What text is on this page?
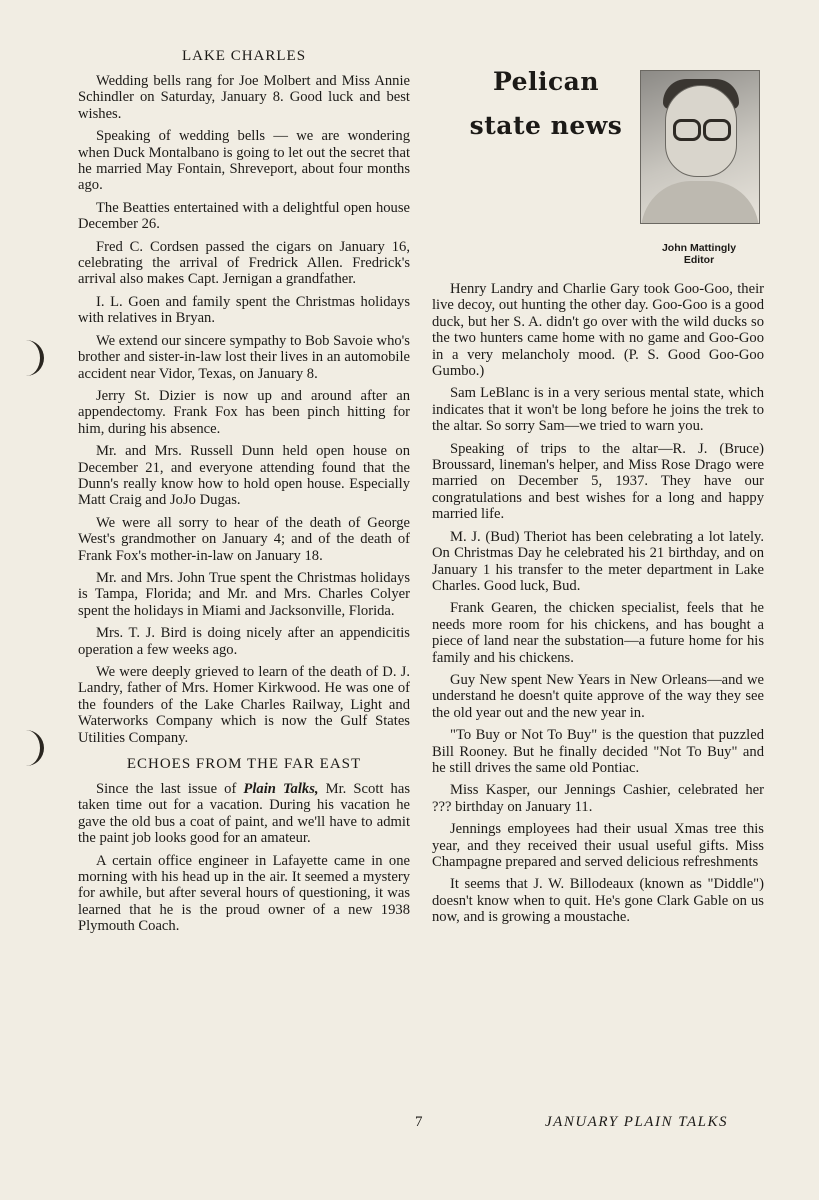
LAKE CHARLES

Wedding bells rang for Joe Molbert and Miss Annie Schindler on Saturday, January 8. Good luck and best wishes.

Speaking of wedding bells — we are wondering when Duck Montalbano is going to let out the secret that he married May Fontain, Shreveport, about four months ago.

The Beatties entertained with a delightful open house December 26.

Fred C. Cordsen passed the cigars on January 16, celebrating the arrival of Fredrick Allen. Fredrick's arrival also makes Capt. Jernigan a grandfather.

I. L. Goen and family spent the Christmas holidays with relatives in Bryan.

We extend our sincere sympathy to Bob Savoie who's brother and sister-in-law lost their lives in an automobile accident near Vidor, Texas, on January 8.

Jerry St. Dizier is now up and around after an appendectomy. Frank Fox has been pinch hitting for him, during his absence.

Mr. and Mrs. Russell Dunn held open house on December 21, and everyone attending found that the Dunn's really know how to hold open house. Especially Matt Craig and JoJo Dugas.

We were all sorry to hear of the death of George West's grandmother on January 4; and of the death of Frank Fox's mother-in-law on January 18.

Mr. and Mrs. John True spent the Christmas holidays is Tampa, Florida; and Mr. and Mrs. Charles Colyer spent the holidays in Miami and Jacksonville, Florida.

Mrs. T. J. Bird is doing nicely after an appendicitis operation a few weeks ago.

We were deeply grieved to learn of the death of D. J. Landry, father of Mrs. Homer Kirkwood. He was one of the founders of the Lake Charles Railway, Light and Waterworks Company which is now the Gulf States Utilities Company.

ECHOES FROM THE FAR EAST

Since the last issue of Plain Talks, Mr. Scott has taken time out for a vacation. During his vacation he gave the old bus a coat of paint, and we'll have to admit the paint job looks good for an amateur.

A certain office engineer in Lafayette came in one morning with his head up in the air. It seemed a mystery for awhile, but after several hours of questioning, it was learned that he is the proud owner of a new 1938 Plymouth Coach.

Pelican
state news
John Mattingly
Editor

Henry Landry and Charlie Gary took Goo-Goo, their live decoy, out hunting the other day. Goo-Goo is a good duck, but her S. A. didn't go over with the wild ducks so the two hunters came home with no game and Goo-Goo in a very melancholy mood. (P. S. Good Goo-Goo Gumbo.)

Sam LeBlanc is in a very serious mental state, which indicates that it won't be long before he joins the trek to the altar. So sorry Sam—we tried to warn you.

Speaking of trips to the altar—R. J. (Bruce) Broussard, lineman's helper, and Miss Rose Drago were married on December 5, 1937. They have our congratulations and best wishes for a long and happy married life.

M. J. (Bud) Theriot has been celebrating a lot lately. On Christmas Day he celebrated his 21 birthday, and on January 1 his transfer to the meter department in Lake Charles. Good luck, Bud.

Frank Gearen, the chicken specialist, feels that he needs more room for his chickens, and has bought a piece of land near the substation—a future home for his family and his chickens.

Guy New spent New Years in New Orleans—and we understand he doesn't quite approve of the way they see the old year out and the new year in.

"To Buy or Not To Buy" is the question that puzzled Bill Rooney. But he finally decided "Not To Buy" and he still drives the same old Pontiac.

Miss Kasper, our Jennings Cashier, celebrated her ??? birthday on January 11.

Jennings employees had their usual Xmas tree this year, and they received their usual useful gifts. Miss Champagne prepared and served delicious refreshments

It seems that J. W. Billodeaux (known as "Diddle") doesn't know when to quit. He's gone Clark Gable on us now, and is growing a moustache.

7	JANUARY PLAIN TALKS
